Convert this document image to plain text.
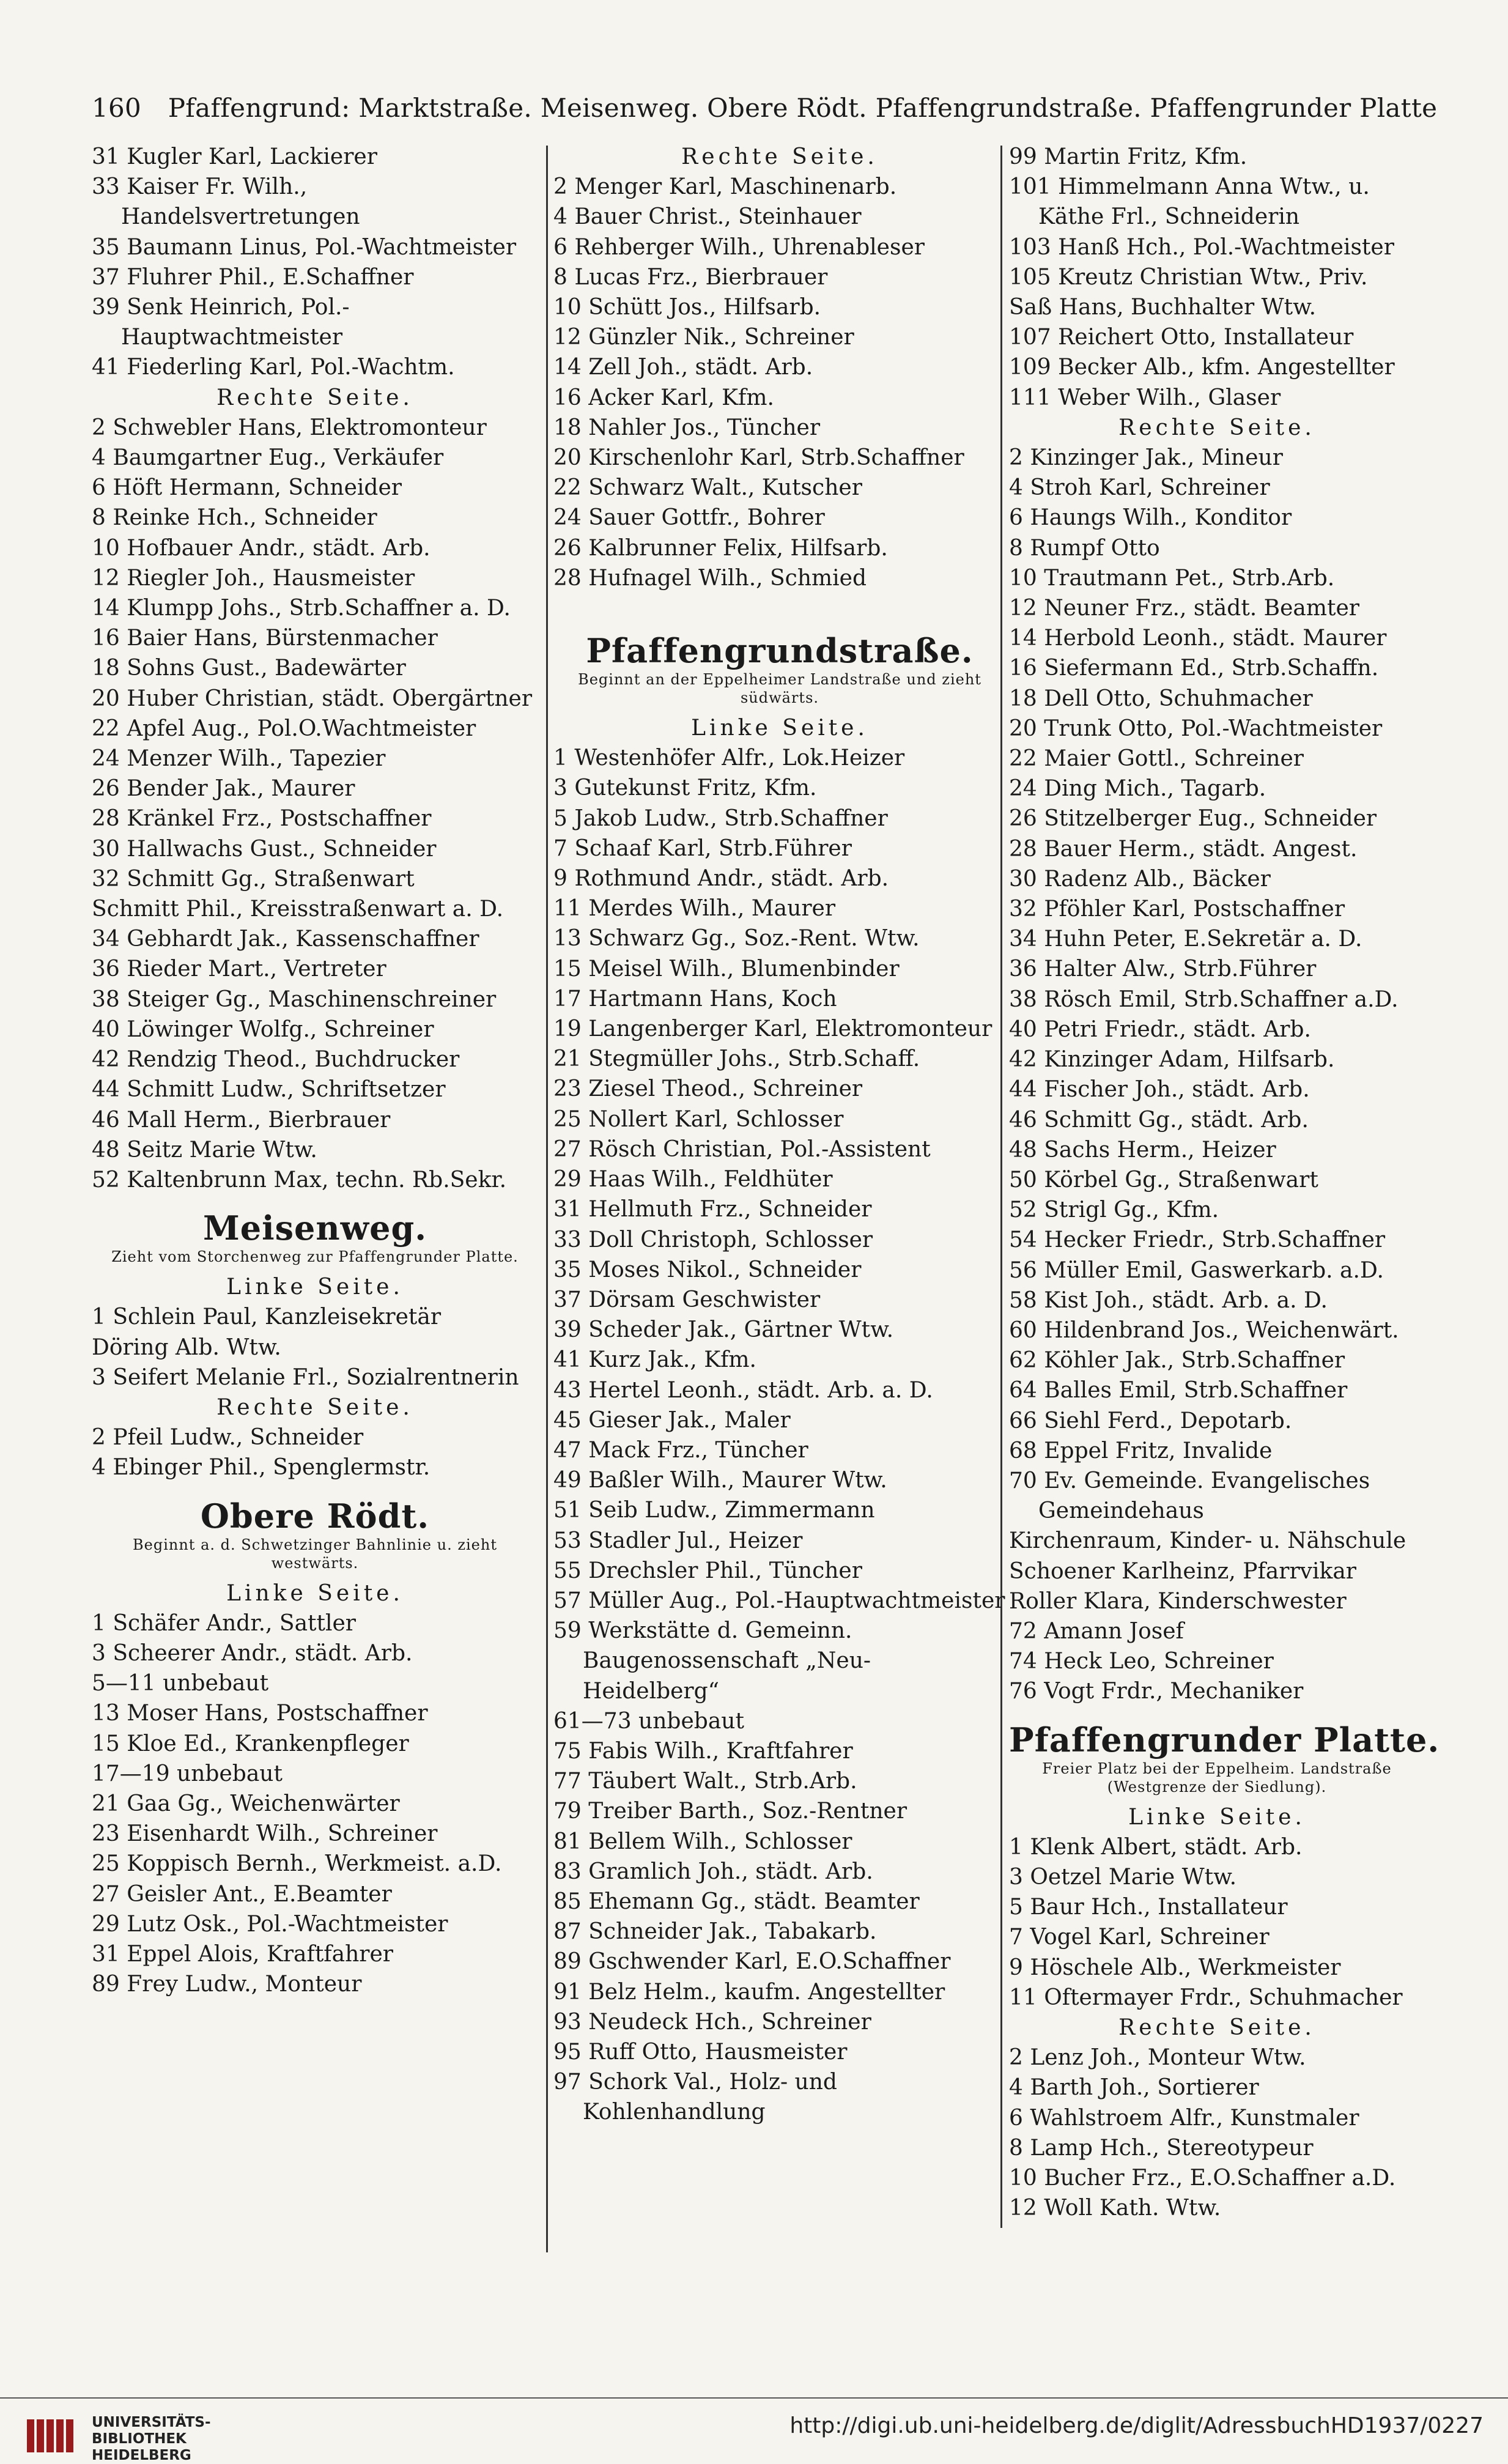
160 Pfaffengrund: Marktstraße. Meisenweg. Obere Rödt. Pfaffengrundstraße. Pfaffengrunder Platte
31 Kugler Karl, Lackierer
33 Kaiser Fr. Wilh., Handelsvertretungen
35 Baumann Linus, Pol.-Wachtmeister
37 Fluhrer Phil., E.Schaffner
39 Senk Heinrich, Pol.-Hauptwachtmeister
41 Fiederling Karl, Pol.-Wachtm.
Rechte Seite.
2 Schwebler Hans, Elektromonteur
4 Baumgartner Eug., Verkäufer
6 Höft Hermann, Schneider
8 Reinke Hch., Schneider
10 Hofbauer Andr., städt. Arb.
12 Riegler Joh., Hausmeister
14 Klumpp Johs., Strb.Schaffner a. D.
16 Baier Hans, Bürstenmacher
18 Sohns Gust., Badewärter
20 Huber Christian, städt. Obergärtner
22 Apfel Aug., Pol.O.Wachtmeister
24 Menzer Wilh., Tapezier
26 Bender Jak., Maurer
28 Kränkel Frz., Postschaffner
30 Hallwachs Gust., Schneider
32 Schmitt Gg., Straßenwart
Schmitt Phil., Kreisstraßenwart a. D.
34 Gebhardt Jak., Kassenschaffner
36 Rieder Mart., Vertreter
38 Steiger Gg., Maschinenschreiner
40 Löwinger Wolfg., Schreiner
42 Rendzig Theod., Buchdrucker
44 Schmitt Ludw., Schriftsetzer
46 Mall Herm., Bierbrauer
48 Seitz Marie Wtw.
52 Kaltenbrunn Max, techn. Rb.Sekr.
Meisenweg.
Zieht vom Storchenweg zur Pfaffengrunder Platte.
Linke Seite.
1 Schlein Paul, Kanzleisekretär
Döring Alb. Wtw.
3 Seifert Melanie Frl., Sozialrentnerin
Rechte Seite.
2 Pfeil Ludw., Schneider
4 Ebinger Phil., Spenglermstr.
Obere Rödt.
Beginnt a. d. Schwetzinger Bahnlinie u. zieht westwärts.
Linke Seite.
1 Schäfer Andr., Sattler
3 Scheerer Andr., städt. Arb.
5—11 unbebaut
13 Moser Hans, Postschaffner
15 Kloe Ed., Krankenpfleger
17—19 unbebaut
21 Gaa Gg., Weichenwärter
23 Eisenhardt Wilh., Schreiner
25 Koppisch Bernh., Werkmeist. a.D.
27 Geisler Ant., E.Beamter
29 Lutz Osk., Pol.-Wachtmeister
31 Eppel Alois, Kraftfahrer
89 Frey Ludw., Monteur
Rechte Seite.
2 Menger Karl, Maschinenarb.
4 Bauer Christ., Steinhauer
6 Rehberger Wilh., Uhrenableser
8 Lucas Frz., Bierbrauer
10 Schütt Jos., Hilfsarb.
12 Günzler Nik., Schreiner
14 Zell Joh., städt. Arb.
16 Acker Karl, Kfm.
18 Nahler Jos., Tüncher
20 Kirschenlohr Karl, Strb.Schaffner
22 Schwarz Walt., Kutscher
24 Sauer Gottfr., Bohrer
26 Kalbrunner Felix, Hilfsarb.
28 Hufnagel Wilh., Schmied
Pfaffengrundstraße.
Beginnt an der Eppelheimer Landstraße und zieht südwärts.
Linke Seite.
1 Westenhöfer Alfr., Lok.Heizer
3 Gutekunst Fritz, Kfm.
5 Jakob Ludw., Strb.Schaffner
7 Schaaf Karl, Strb.Führer
9 Rothmund Andr., städt. Arb.
11 Merdes Wilh., Maurer
13 Schwarz Gg., Soz.-Rent. Wtw.
15 Meisel Wilh., Blumenbinder
17 Hartmann Hans, Koch
19 Langenberger Karl, Elektromonteur
21 Stegmüller Johs., Strb.Schaff.
23 Ziesel Theod., Schreiner
25 Nollert Karl, Schlosser
27 Rösch Christian, Pol.-Assistent
29 Haas Wilh., Feldhüter
31 Hellmuth Frz., Schneider
33 Doll Christoph, Schlosser
35 Moses Nikol., Schneider
37 Dörsam Geschwister
39 Scheder Jak., Gärtner Wtw.
41 Kurz Jak., Kfm.
43 Hertel Leonh., städt. Arb. a. D.
45 Gieser Jak., Maler
47 Mack Frz., Tüncher
49 Baßler Wilh., Maurer Wtw.
51 Seib Ludw., Zimmermann
53 Stadler Jul., Heizer
55 Drechsler Phil., Tüncher
57 Müller Aug., Pol.-Hauptwachtmeister
59 Werkstätte d. Gemeinn. Baugenossenschaft „Neu-Heidelberg“
61—73 unbebaut
75 Fabis Wilh., Kraftfahrer
77 Täubert Walt., Strb.Arb.
79 Treiber Barth., Soz.-Rentner
81 Bellem Wilh., Schlosser
83 Gramlich Joh., städt. Arb.
85 Ehemann Gg., städt. Beamter
87 Schneider Jak., Tabakarb.
89 Gschwender Karl, E.O.Schaffner
91 Belz Helm., kaufm. Angestellter
93 Neudeck Hch., Schreiner
95 Ruff Otto, Hausmeister
97 Schork Val., Holz- und Kohlenhandlung
99 Martin Fritz, Kfm.
101 Himmelmann Anna Wtw., u. Käthe Frl., Schneiderin
103 Hanß Hch., Pol.-Wachtmeister
105 Kreutz Christian Wtw., Priv.
Saß Hans, Buchhalter Wtw.
107 Reichert Otto, Installateur
109 Becker Alb., kfm. Angestellter
111 Weber Wilh., Glaser
Rechte Seite.
2 Kinzinger Jak., Mineur
4 Stroh Karl, Schreiner
6 Haungs Wilh., Konditor
8 Rumpf Otto
10 Trautmann Pet., Strb.Arb.
12 Neuner Frz., städt. Beamter
14 Herbold Leonh., städt. Maurer
16 Siefermann Ed., Strb.Schaffn.
18 Dell Otto, Schuhmacher
20 Trunk Otto, Pol.-Wachtmeister
22 Maier Gottl., Schreiner
24 Ding Mich., Tagarb.
26 Stitzelberger Eug., Schneider
28 Bauer Herm., städt. Angest.
30 Radenz Alb., Bäcker
32 Pföhler Karl, Postschaffner
34 Huhn Peter, E.Sekretär a. D.
36 Halter Alw., Strb.Führer
38 Rösch Emil, Strb.Schaffner a.D.
40 Petri Friedr., städt. Arb.
42 Kinzinger Adam, Hilfsarb.
44 Fischer Joh., städt. Arb.
46 Schmitt Gg., städt. Arb.
48 Sachs Herm., Heizer
50 Körbel Gg., Straßenwart
52 Strigl Gg., Kfm.
54 Hecker Friedr., Strb.Schaffner
56 Müller Emil, Gaswerkarb. a.D.
58 Kist Joh., städt. Arb. a. D.
60 Hildenbrand Jos., Weichenwärt.
62 Köhler Jak., Strb.Schaffner
64 Balles Emil, Strb.Schaffner
66 Siehl Ferd., Depotarb.
68 Eppel Fritz, Invalide
70 Ev. Gemeinde. Evangelisches Gemeindehaus
Kirchenraum, Kinder- u. Nähschule
Schoener Karlheinz, Pfarrvikar
Roller Klara, Kinderschwester
72 Amann Josef
74 Heck Leo, Schreiner
76 Vogt Frdr., Mechaniker
Pfaffengrunder Platte.
Freier Platz bei der Eppelheim. Landstraße (Westgrenze der Siedlung).
Linke Seite.
1 Klenk Albert, städt. Arb.
3 Oetzel Marie Wtw.
5 Baur Hch., Installateur
7 Vogel Karl, Schreiner
9 Höschele Alb., Werkmeister
11 Oftermayer Frdr., Schuhmacher
Rechte Seite.
2 Lenz Joh., Monteur Wtw.
4 Barth Joh., Sortierer
6 Wahlstroem Alfr., Kunstmaler
8 Lamp Hch., Stereotypeur
10 Bucher Frz., E.O.Schaffner a.D.
12 Woll Kath. Wtw.
UNIVERSITÄTS-
BIBLIOTHEK
HEIDELBERG
http://digi.ub.uni-heidelberg.de/diglit/AdressbuchHD1937/0227
